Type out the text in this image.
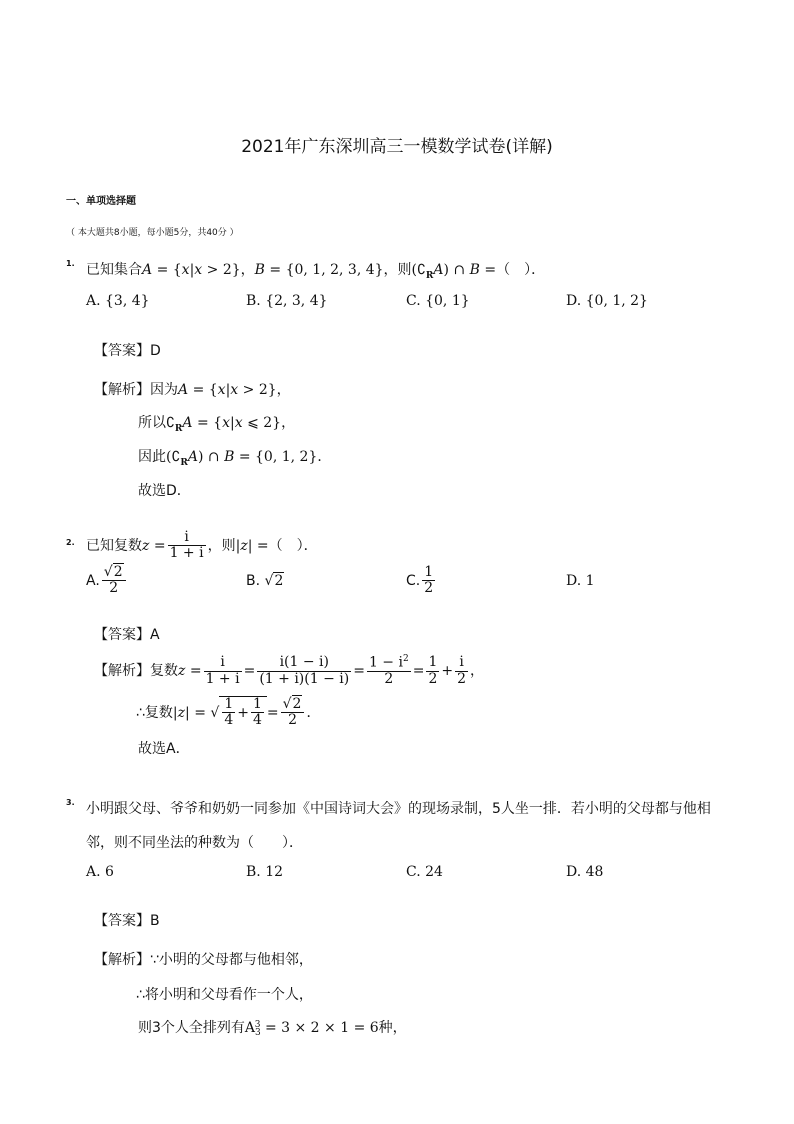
2021年广东深圳高三一模数学试卷(详解)
一、单项选择题
（ 本大题共8小题，每小题5分，共40分 ）
1. 已知集合A = {x|x > 2}，B = {0, 1, 2, 3, 4}，则$(∁_RA)$ ∩ B =（　）．
A. {3, 4}	B. {2, 3, 4}	C. {0, 1}	D. {0, 1, 2}
【答案】D
【解析】因为A = {x|x > 2}，
所以$∁_RA = \{x|x$ ⩽ 2}，
因此$(∁_RA)$ ∩ B = {0, 1, 2}．
故选D．
2. 已知复数$z = \frac{i}{1 + i}$ ，则|z| =（　）．
A. $\frac{√2}{2}$	B. √2	C. $\frac{1}{2}$	D. 1
【答案】A
【解析】复数$z = \frac{i}{1 + i} = \frac{i(1 - i)}{(1 + i)(1 - i)} = \frac{1 - i^2}{2} = \frac{1}{2} + \frac{i}{2}$ ，
∴复数|z| = √ $\frac{1}{4} + \frac{1}{4} = \frac{√2}{2}$ ．
故选A．
3. 小明跟父母、爷爷和奶奶一同参加《中国诗词大会》的现场录制，5人坐一排．若小明的父母都与他相
邻，则不同坐法的种数为（　　）．
A. 6	B. 12	C. 24	D. 48
【答案】B
【解析】∵小明的父母都与他相邻，
∴将小明和父母看作一个人，
则3个人全排列有$A_3^3 = 3 \times 2 \times 1 = 6$种，
